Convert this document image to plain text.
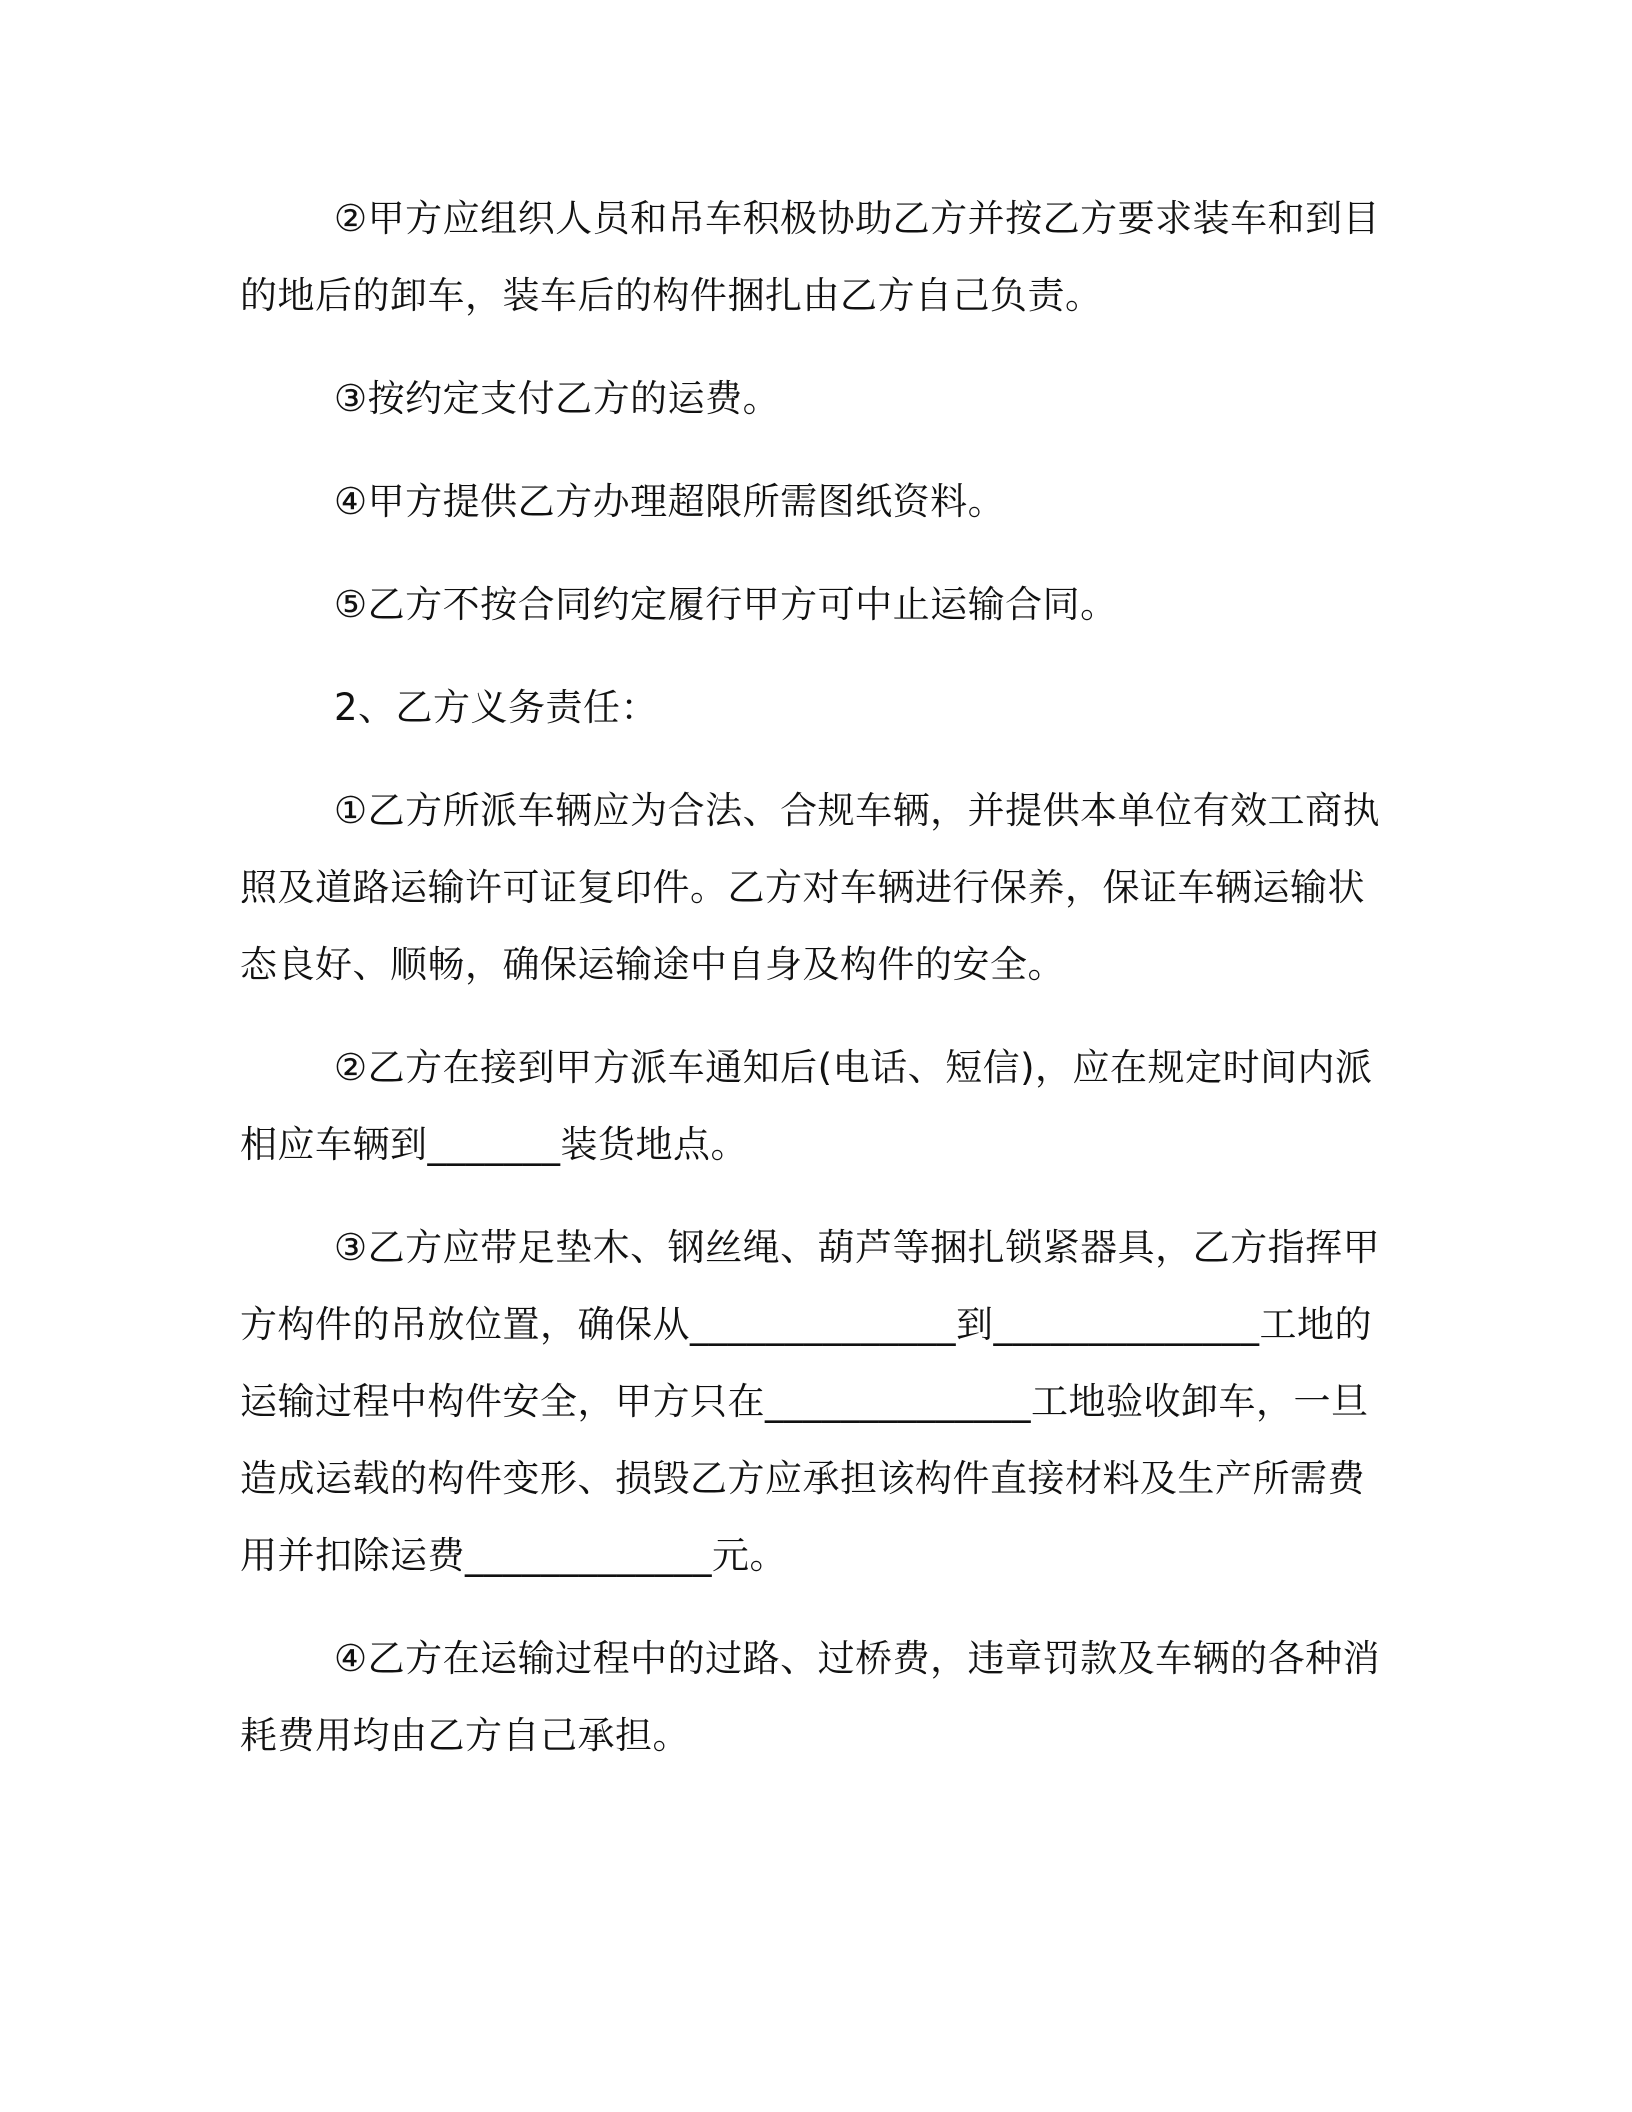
②甲方应组织人员和吊车积极协助乙方并按乙方要求装车和到目的地后的卸车，装车后的构件捆扎由乙方自己负责。

③按约定支付乙方的运费。

④甲方提供乙方办理超限所需图纸资料。

⑤乙方不按合同约定履行甲方可中止运输合同。

2、乙方义务责任：

①乙方所派车辆应为合法、合规车辆，并提供本单位有效工商执照及道路运输许可证复印件。乙方对车辆进行保养，保证车辆运输状态良好、顺畅，确保运输途中自身及构件的安全。

②乙方在接到甲方派车通知后(电话、短信)，应在规定时间内派相应车辆到_______装货地点。

③乙方应带足垫木、钢丝绳、葫芦等捆扎锁紧器具，乙方指挥甲方构件的吊放位置，确保从______________到______________工地的运输过程中构件安全，甲方只在______________工地验收卸车，一旦造成运载的构件变形、损毁乙方应承担该构件直接材料及生产所需费用并扣除运费_____________元。

④乙方在运输过程中的过路、过桥费，违章罚款及车辆的各种消耗费用均由乙方自己承担。
